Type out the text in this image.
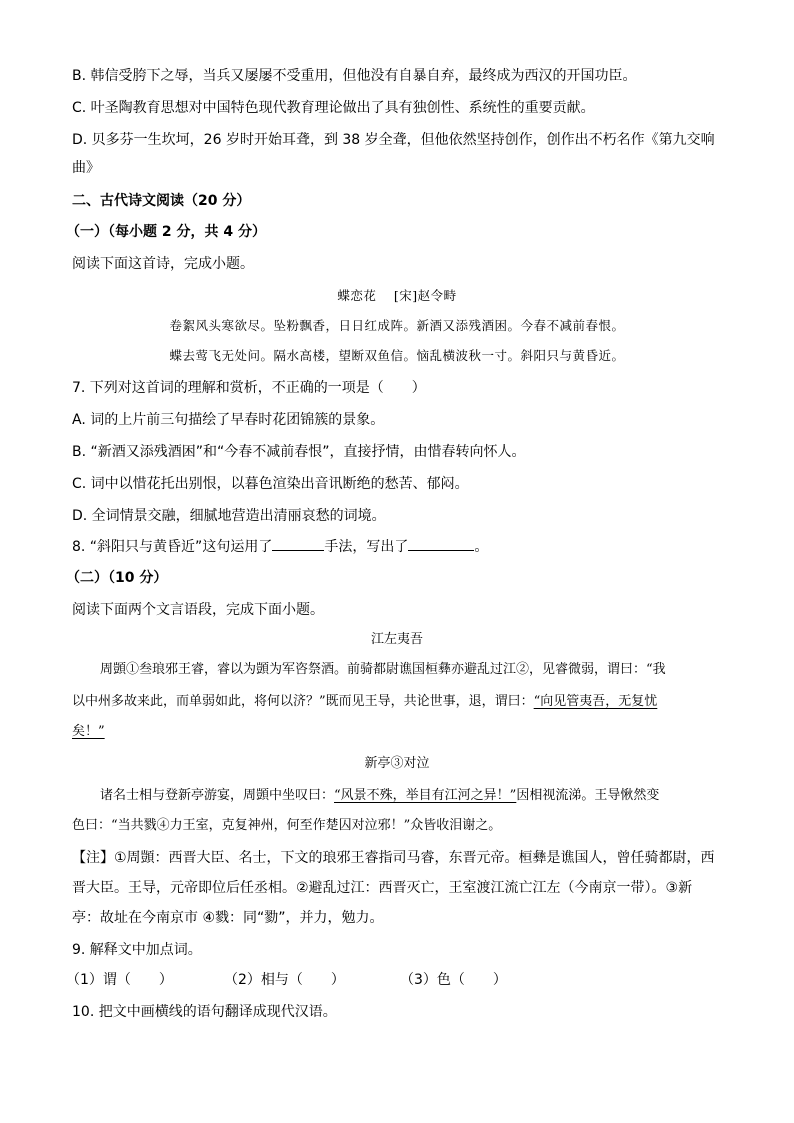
B. 韩信受胯下之辱，当兵又屡屡不受重用，但他没有自暴自弃，最终成为西汉的开国功臣。
C. 叶圣陶教育思想对中国特色现代教育理论做出了具有独创性、系统性的重要贡献。
D. 贝多芬一生坎坷，26 岁时开始耳聋，到 38 岁全聋，但他依然坚持创作，创作出不朽名作《第九交响
曲》
二、古代诗文阅读（20 分）
（一）（每小题 2 分，共 4 分）
阅读下面这首诗，完成小题。
蝶恋花　 [宋]赵令畤
卷絮风头寒欲尽。坠粉飘香，日日红成阵。新酒又添残酒困。今春不减前春恨。
蝶去莺飞无处问。隔水高楼，望断双鱼信。恼乱横波秋一寸。斜阳只与黄昏近。
7. 下列对这首词的理解和赏析，不正确的一项是（　　）
A. 词的上片前三句描绘了早春时花团锦簇的景象。
B. “新酒又添残酒困”和“今春不减前春恨”，直接抒情，由惜春转向怀人。
C. 词中以惜花托出别恨，以暮色渲染出音讯断绝的愁苦、郁闷。
D. 全词情景交融，细腻地营造出清丽哀愁的词境。
8. “斜阳只与黄昏近”这句运用了	手法，写出了	。
（二）（10 分）
阅读下面两个文言语段，完成下面小题。
江左夷吾
周顗①叁琅邪王睿，睿以为顗为军咨祭酒。前骑都尉谯国桓彝亦避乱过江②，见睿微弱，谓曰：“我
以中州多故来此，而单弱如此，将何以济？”既而见王导，共论世事，退，谓曰：“向见管夷吾，无复忧
矣！”
新亭③对泣
诸名士相与登新亭游宴，周顗中坐叹曰：“风景不殊，举目有江河之异！”因相视流涕。王导愀然变
色曰：“当共戮④力王室，克复神州，何至作楚囚对泣邪！”众皆收泪谢之。
【注】①周顗：西晋大臣、名士，下文的琅邪王睿指司马睿，东晋元帝。桓彝是谯国人，曾任骑都尉，西
晋大臣。王导，元帝即位后任丞相。②避乱过江：西晋灭亡，王室渡江流亡江左（今南京一带）。③新
亭：故址在今南京市 ④戮：同“勠”，并力，勉力。
9. 解释文中加点词。
（1）谓（　　）	（2）相与（　　）	（3）色（　　）
10. 把文中画横线的语句翻译成现代汉语。
